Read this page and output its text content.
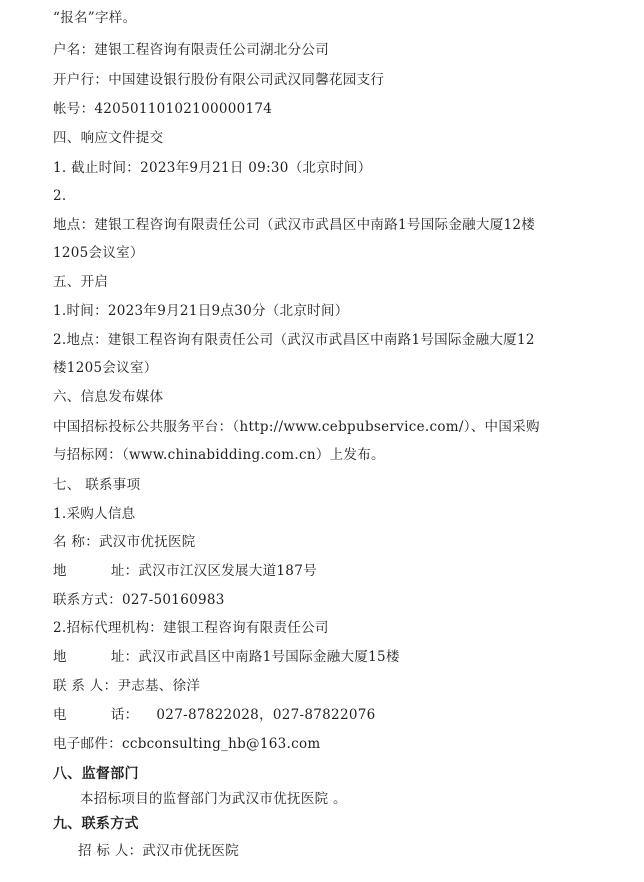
“报名”字样。
户名：建银工程咨询有限责任公司湖北分公司
开户行：中国建设银行股份有限公司武汉同馨花园支行
帐号：42050110102100000174
四、响应文件提交
1. 截止时间：2023年9月21日 09:30（北京时间）
2.
地点：建银工程咨询有限责任公司（武汉市武昌区中南路1号国际金融大厦12楼
1205会议室）
五、开启
1.时间：2023年9月21日9点30分（北京时间）
2.地点：建银工程咨询有限责任公司（武汉市武昌区中南路1号国际金融大厦12
楼1205会议室）
六、信息发布媒体
中国招标投标公共服务平台：（http://www.cebpubservice.com/）、中国采购
与招标网：（www.chinabidding.com.cn）上发布。
七、 联系事项
1.采购人信息
名 称：武汉市优抚医院
地	址：武汉市江汉区发展大道187号
联系方式：027-50160983
2.招标代理机构：建银工程咨询有限责任公司
地	址：武汉市武昌区中南路1号国际金融大厦15楼
联 系 人：尹志基、徐洋
电	话： 027-87822028，027-87822076
电子邮件：ccbconsulting_hb@163.com
八、监督部门
本招标项目的监督部门为武汉市优抚医院 。
九、联系方式
招 标 人：武汉市优抚医院
